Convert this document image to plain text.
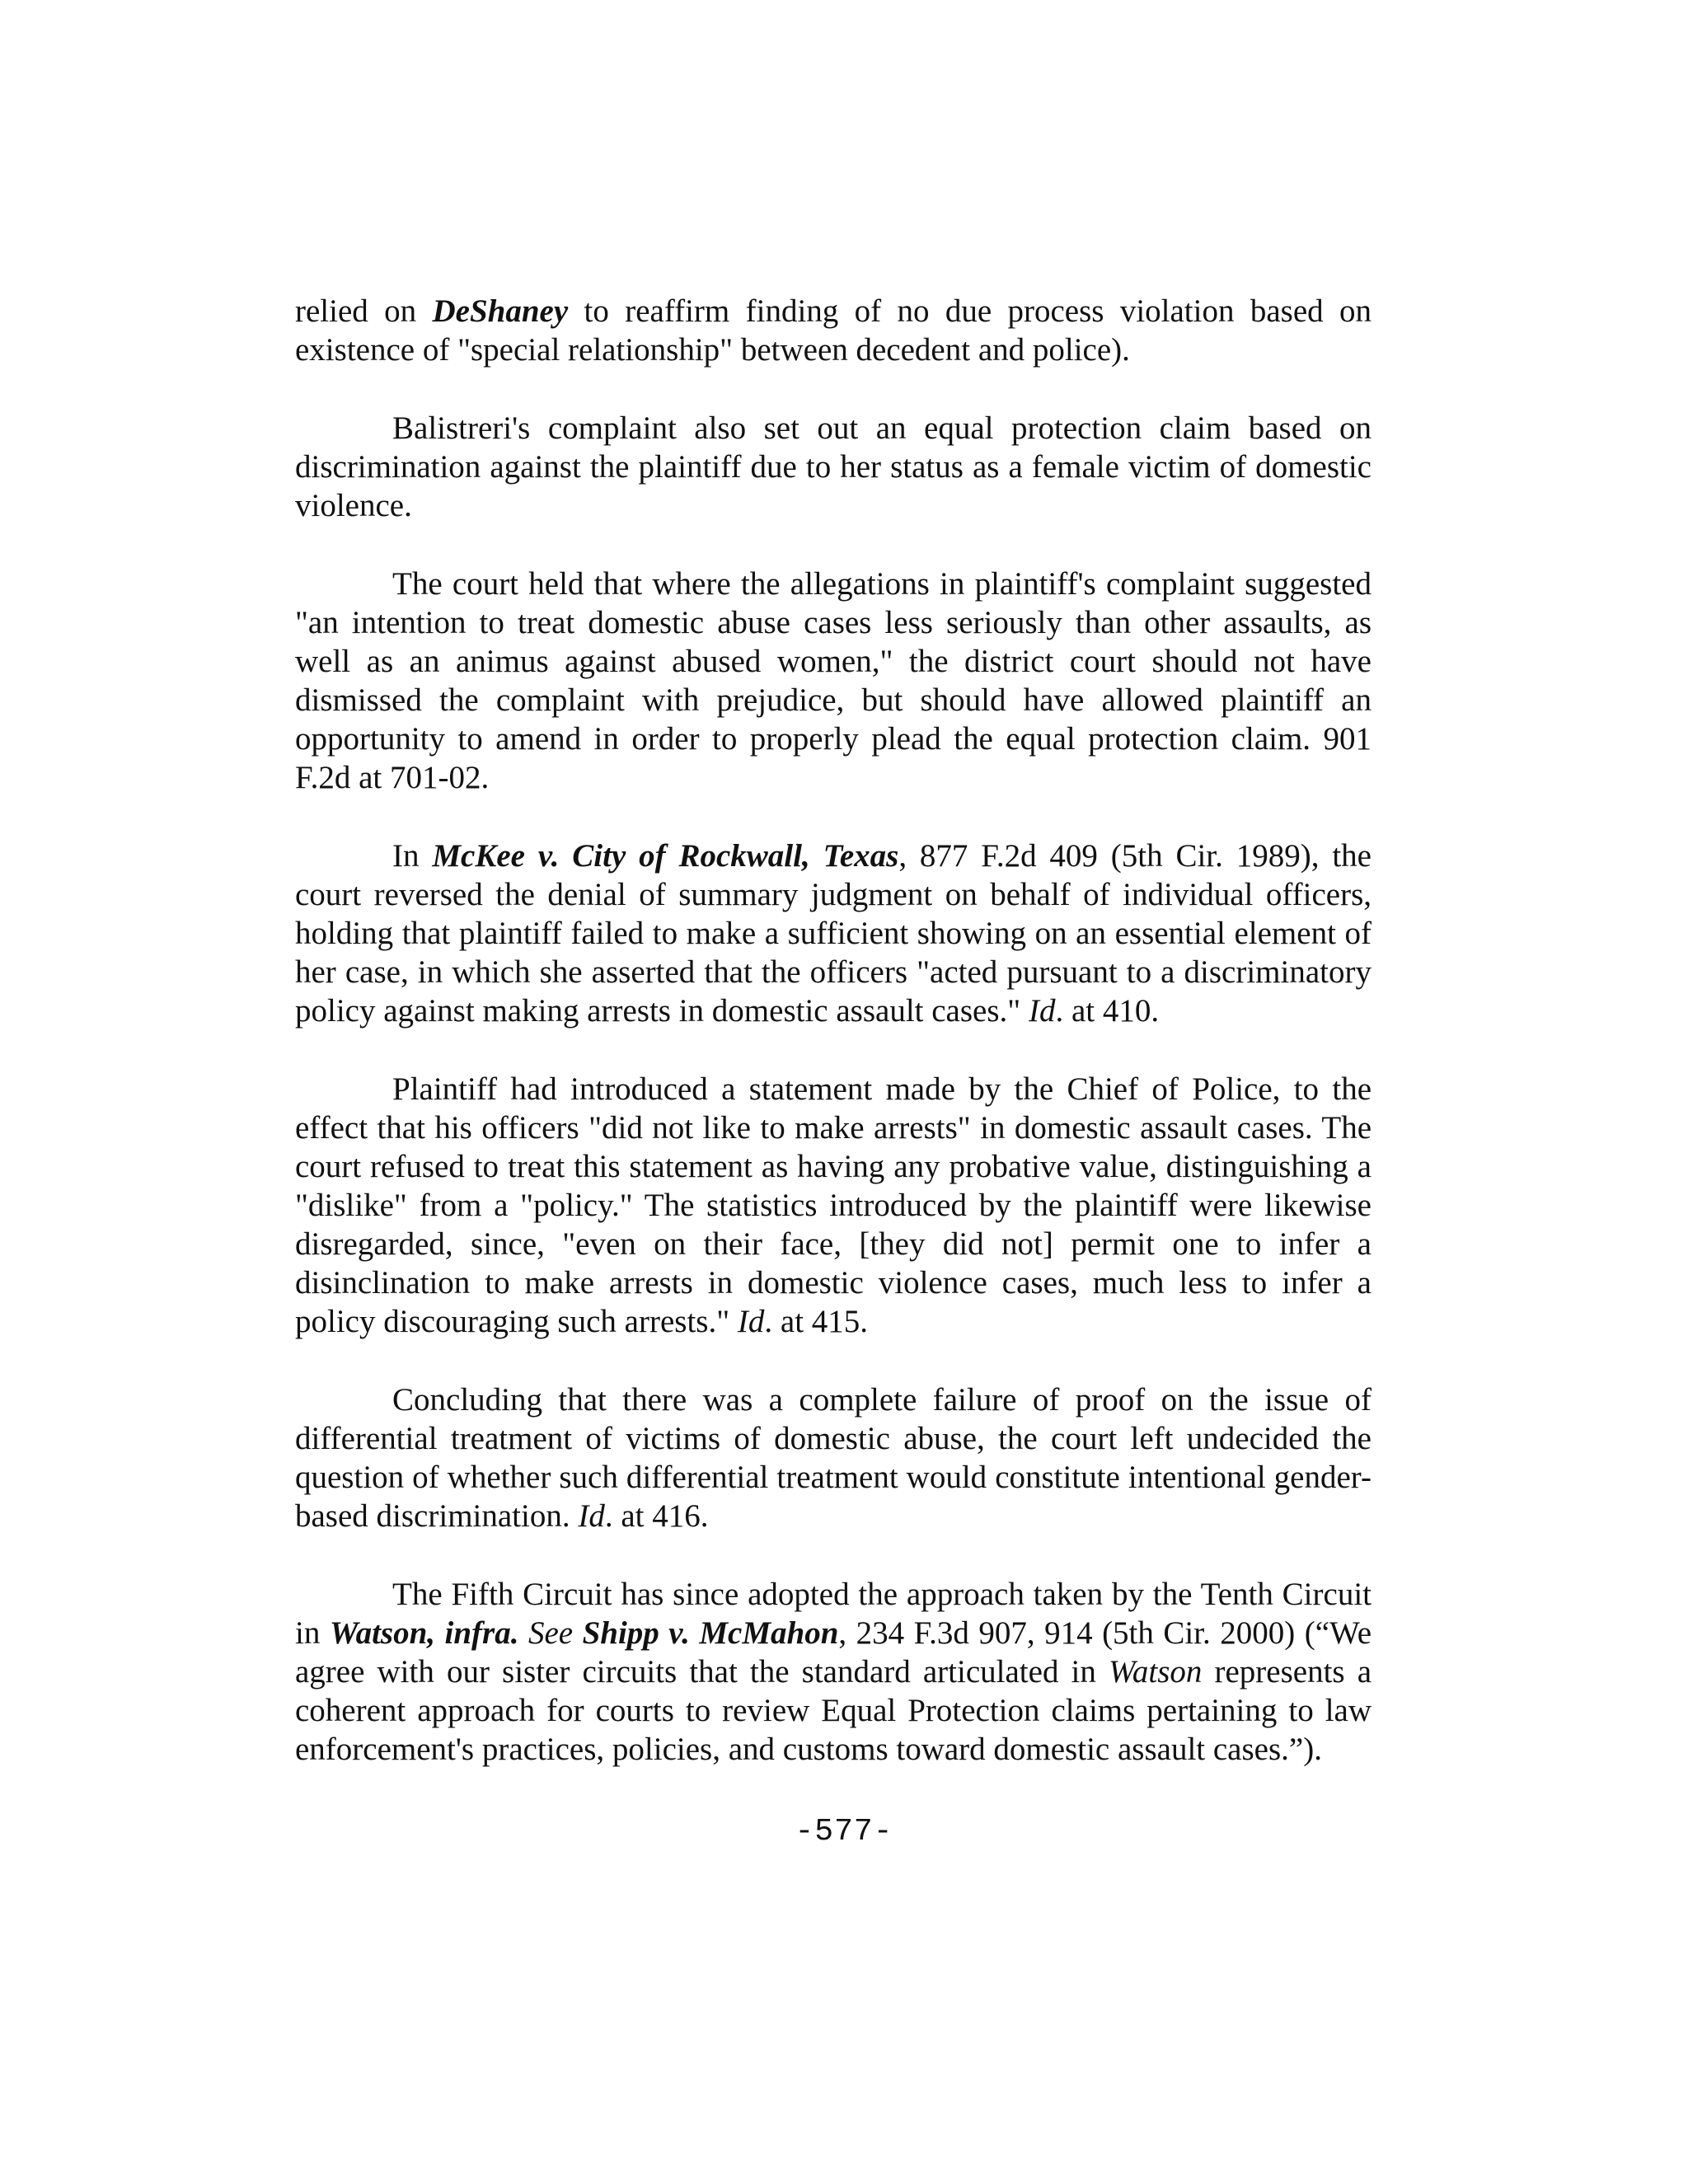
relied on DeShaney to reaffirm finding of no due process violation based on existence of "special relationship" between decedent and police).

Balistreri's complaint also set out an equal protection claim based on discrimination against the plaintiff due to her status as a female victim of domestic violence.

The court held that where the allegations in plaintiff's complaint suggested "an intention to treat domestic abuse cases less seriously than other assaults, as well as an animus against abused women," the district court should not have dismissed the complaint with prejudice, but should have allowed plaintiff an opportunity to amend in order to properly plead the equal protection claim. 901 F.2d at 701-02.

In McKee v. City of Rockwall, Texas, 877 F.2d 409 (5th Cir. 1989), the court reversed the denial of summary judgment on behalf of individual officers, holding that plaintiff failed to make a sufficient showing on an essential element of her case, in which she asserted that the officers "acted pursuant to a discriminatory policy against making arrests in domestic assault cases." Id. at 410.

Plaintiff had introduced a statement made by the Chief of Police, to the effect that his officers "did not like to make arrests" in domestic assault cases. The court refused to treat this statement as having any probative value, distinguishing a "dislike" from a "policy." The statistics introduced by the plaintiff were likewise disregarded, since, "even on their face, [they did not] permit one to infer a disinclination to make arrests in domestic violence cases, much less to infer a policy discouraging such arrests." Id. at 415.

Concluding that there was a complete failure of proof on the issue of differential treatment of victims of domestic abuse, the court left undecided the question of whether such differential treatment would constitute intentional gender-based discrimination. Id. at 416.

The Fifth Circuit has since adopted the approach taken by the Tenth Circuit in Watson, infra. See Shipp v. McMahon, 234 F.3d 907, 914 (5th Cir. 2000) (“We agree with our sister circuits that the standard articulated in Watson represents a coherent approach for courts to review Equal Protection claims pertaining to law enforcement's practices, policies, and customs toward domestic assault cases.”).

-577-
